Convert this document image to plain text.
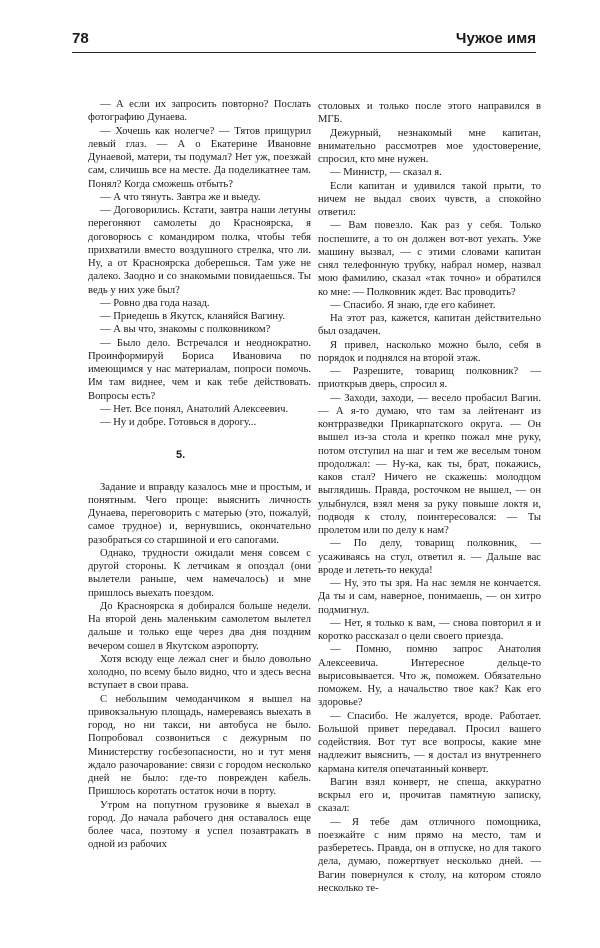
78	Чужое имя

— А если их запросить повторно? Послать фотографию Дунаева.

— Хочешь как нолегче? — Тятов прищурил левый глаз. — А о Екатерине Ивановне Дунаевой, матери, ты подумал? Нет уж, поезжай сам, сличишь все на месте. Да поделикатнее там. Понял? Когда сможешь отбыть?

— А что тянуть. Завтра же и выеду.

— Договорились. Кстати, завтра наши летуны перегоняют самолеты до Красноярска, я договорюсь с командиром полка, чтобы тебя прихватили вместо воздушного стрелка, что ли. Ну, а от Красноярска доберешься. Там уже не далеко. Заодно и со знакомыми повидаешься. Ты ведь у них уже был?

— Ровно два года назад.

— Приедешь в Якутск, кланяйся Вагину.

— А вы что, знакомы с полковником?

— Было дело. Встречался и неоднократно. Проинформируй Бориса Ивановича по имеющимся у нас материалам, попроси помочь. Им там виднее, чем и как тебе действовать. Вопросы есть?

— Нет. Все понял, Анатолий Алексеевич.

— Ну и добре. Готовься в дорогу...

5.

Задание и вправду казалось мне и простым, и понятным. Чего проще: выяснить личность Дунаева, переговорить с матерью (это, пожалуй, самое трудное) и, вернувшись, окончательно разобраться со старшиной и его сапогами.

Однако, трудности ожидали меня совсем с другой стороны. К летчикам я опоздал (они вылетели раньше, чем намечалось) и мне пришлось выехать поездом.

До Красноярска я добирался больше недели. На второй день маленьким самолетом вылетел дальше и только еще через два дня поздним вечером сошел в Якутском аэропорту.

Хотя всюду еще лежал снег и было довольно холодно, по всему было видно, что и здесь весна вступает в свои права.

С небольшим чемоданчиком я вышел на привокзальную площадь, намереваясь выехать в город, но ни такси, ни автобуса не было. Попробовал созвониться с дежурным по Министерству госбезопасности, но и тут меня ждало разочарование: связи с городом несколько дней не было: где-то поврежден кабель. Пришлось коротать остаток ночи в порту.

Утром на попутном грузовике я выехал в город. До начала рабочего дня оставалось еще более часа, поэтому я успел позавтракать в одной из рабочих

столовых и только после этого направился в МГБ.

Дежурный, незнакомый мне капитан, внимательно рассмотрев мое удостоверение, спросил, кто мне нужен.

— Министр, — сказал я.

Если капитан и удивился такой прыти, то ничем не выдал своих чувств, а спокойно ответил:

— Вам повезло. Как раз у себя. Только поспешите, а то он должен вот-вот уехать. Уже машину вызвал, — с этими словами капитан снял телефонную трубку, набрал номер, назвал мою фамилию, сказал «так точно» и обратился ко мне: — Полковник ждет. Вас проводить?

— Спасибо. Я знаю, где его кабинет.

На этот раз, кажется, капитан действительно был озадачен.

Я привел, насколько можно было, себя в порядок и поднялся на второй этаж.

— Разрешите, товарищ полковник? — приоткрыв дверь, спросил я.

— Заходи, заходи, — весело пробасил Вагин. — А я-то думаю, что там за лейтенант из контрразведки Прикарпатского округа. — Он вышел из-за стола и крепко пожал мне руку, потом отступил на шаг и тем же веселым тоном продолжал: — Ну-ка, как ты, брат, покажись, каков стал? Ничего не скажешь: молодцом выглядишь. Правда, росточком не вышел, — он улыбнулся, взял меня за руку повыше локтя и, подводя к столу, поинтересовался: — Ты пролетом или по делу к нам?

— По делу, товарищ полковник, — усаживаясь на стул, ответил я. — Дальше вас вроде и лететь-то некуда!

— Ну, это ты зря. На нас земля не кончается. Да ты и сам, наверное, понимаешь, — он хитро подмигнул.

— Нет, я только к вам, — снова повторил я и коротко рассказал о цели своего приезда.

— Помню, помню запрос Анатолия Алексеевича. Интересное дельце-то вырисовывается. Что ж, поможем. Обязательно поможем. Ну, а начальство твое как? Как его здоровье?

— Спасибо. Не жалуется, вроде. Работает. Большой привет передавал. Просил вашего содействия. Вот тут все вопросы, какие мне надлежит выяснить, — я достал из внутреннего кармана кителя опечатанный конверт.

Вагин взял конверт, не спеша, аккуратно вскрыл его и, прочитав памятную записку, сказал:

— Я тебе дам отличного помощника, поезжайте с ним прямо на место, там и разберетесь. Правда, он в отпуске, но для такого дела, думаю, пожертвует несколько дней. — Вагин повернулся к столу, на котором стояло несколько те-
